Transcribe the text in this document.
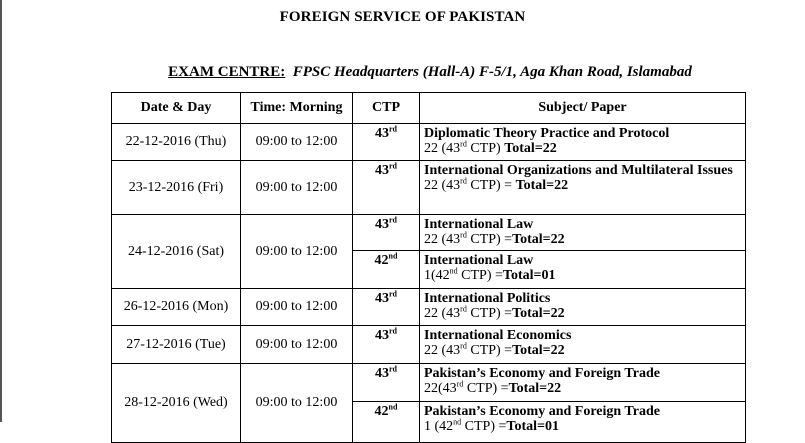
FOREIGN SERVICE OF PAKISTAN
EXAM CENTRE: FPSC Headquarters (Hall-A) F-5/1, Aga Khan Road, Islamabad
Date & Day	Time: Morning	CTP	Subject/ Paper
22-12-2016 (Thu)	09:00 to 12:00	43rd	Diplomatic Theory Practice and Protocol
22 (43rd CTP) Total=22

23-12-2016 (Fri)	09:00 to 12:00	43rd	International Organizations and Multilateral Issues
22 (43rd CTP) = Total=22

24-12-2016 (Sat)	09:00 to 12:00	43rd	International Law
22 (43rd CTP) =Total=22

		42nd	International Law
1(42nd CTP) =Total=01

26-12-2016 (Mon)	09:00 to 12:00	43rd	International Politics
22 (43rd CTP) =Total=22

27-12-2016 (Tue)	09:00 to 12:00	43rd	International Economics
22 (43rd CTP) =Total=22

28-12-2016 (Wed)	09:00 to 12:00	43rd	Pakistan’s Economy and Foreign Trade
22(43rd CTP) =Total=22

		42nd	Pakistan’s Economy and Foreign Trade
1 (42nd CTP) =Total=01
